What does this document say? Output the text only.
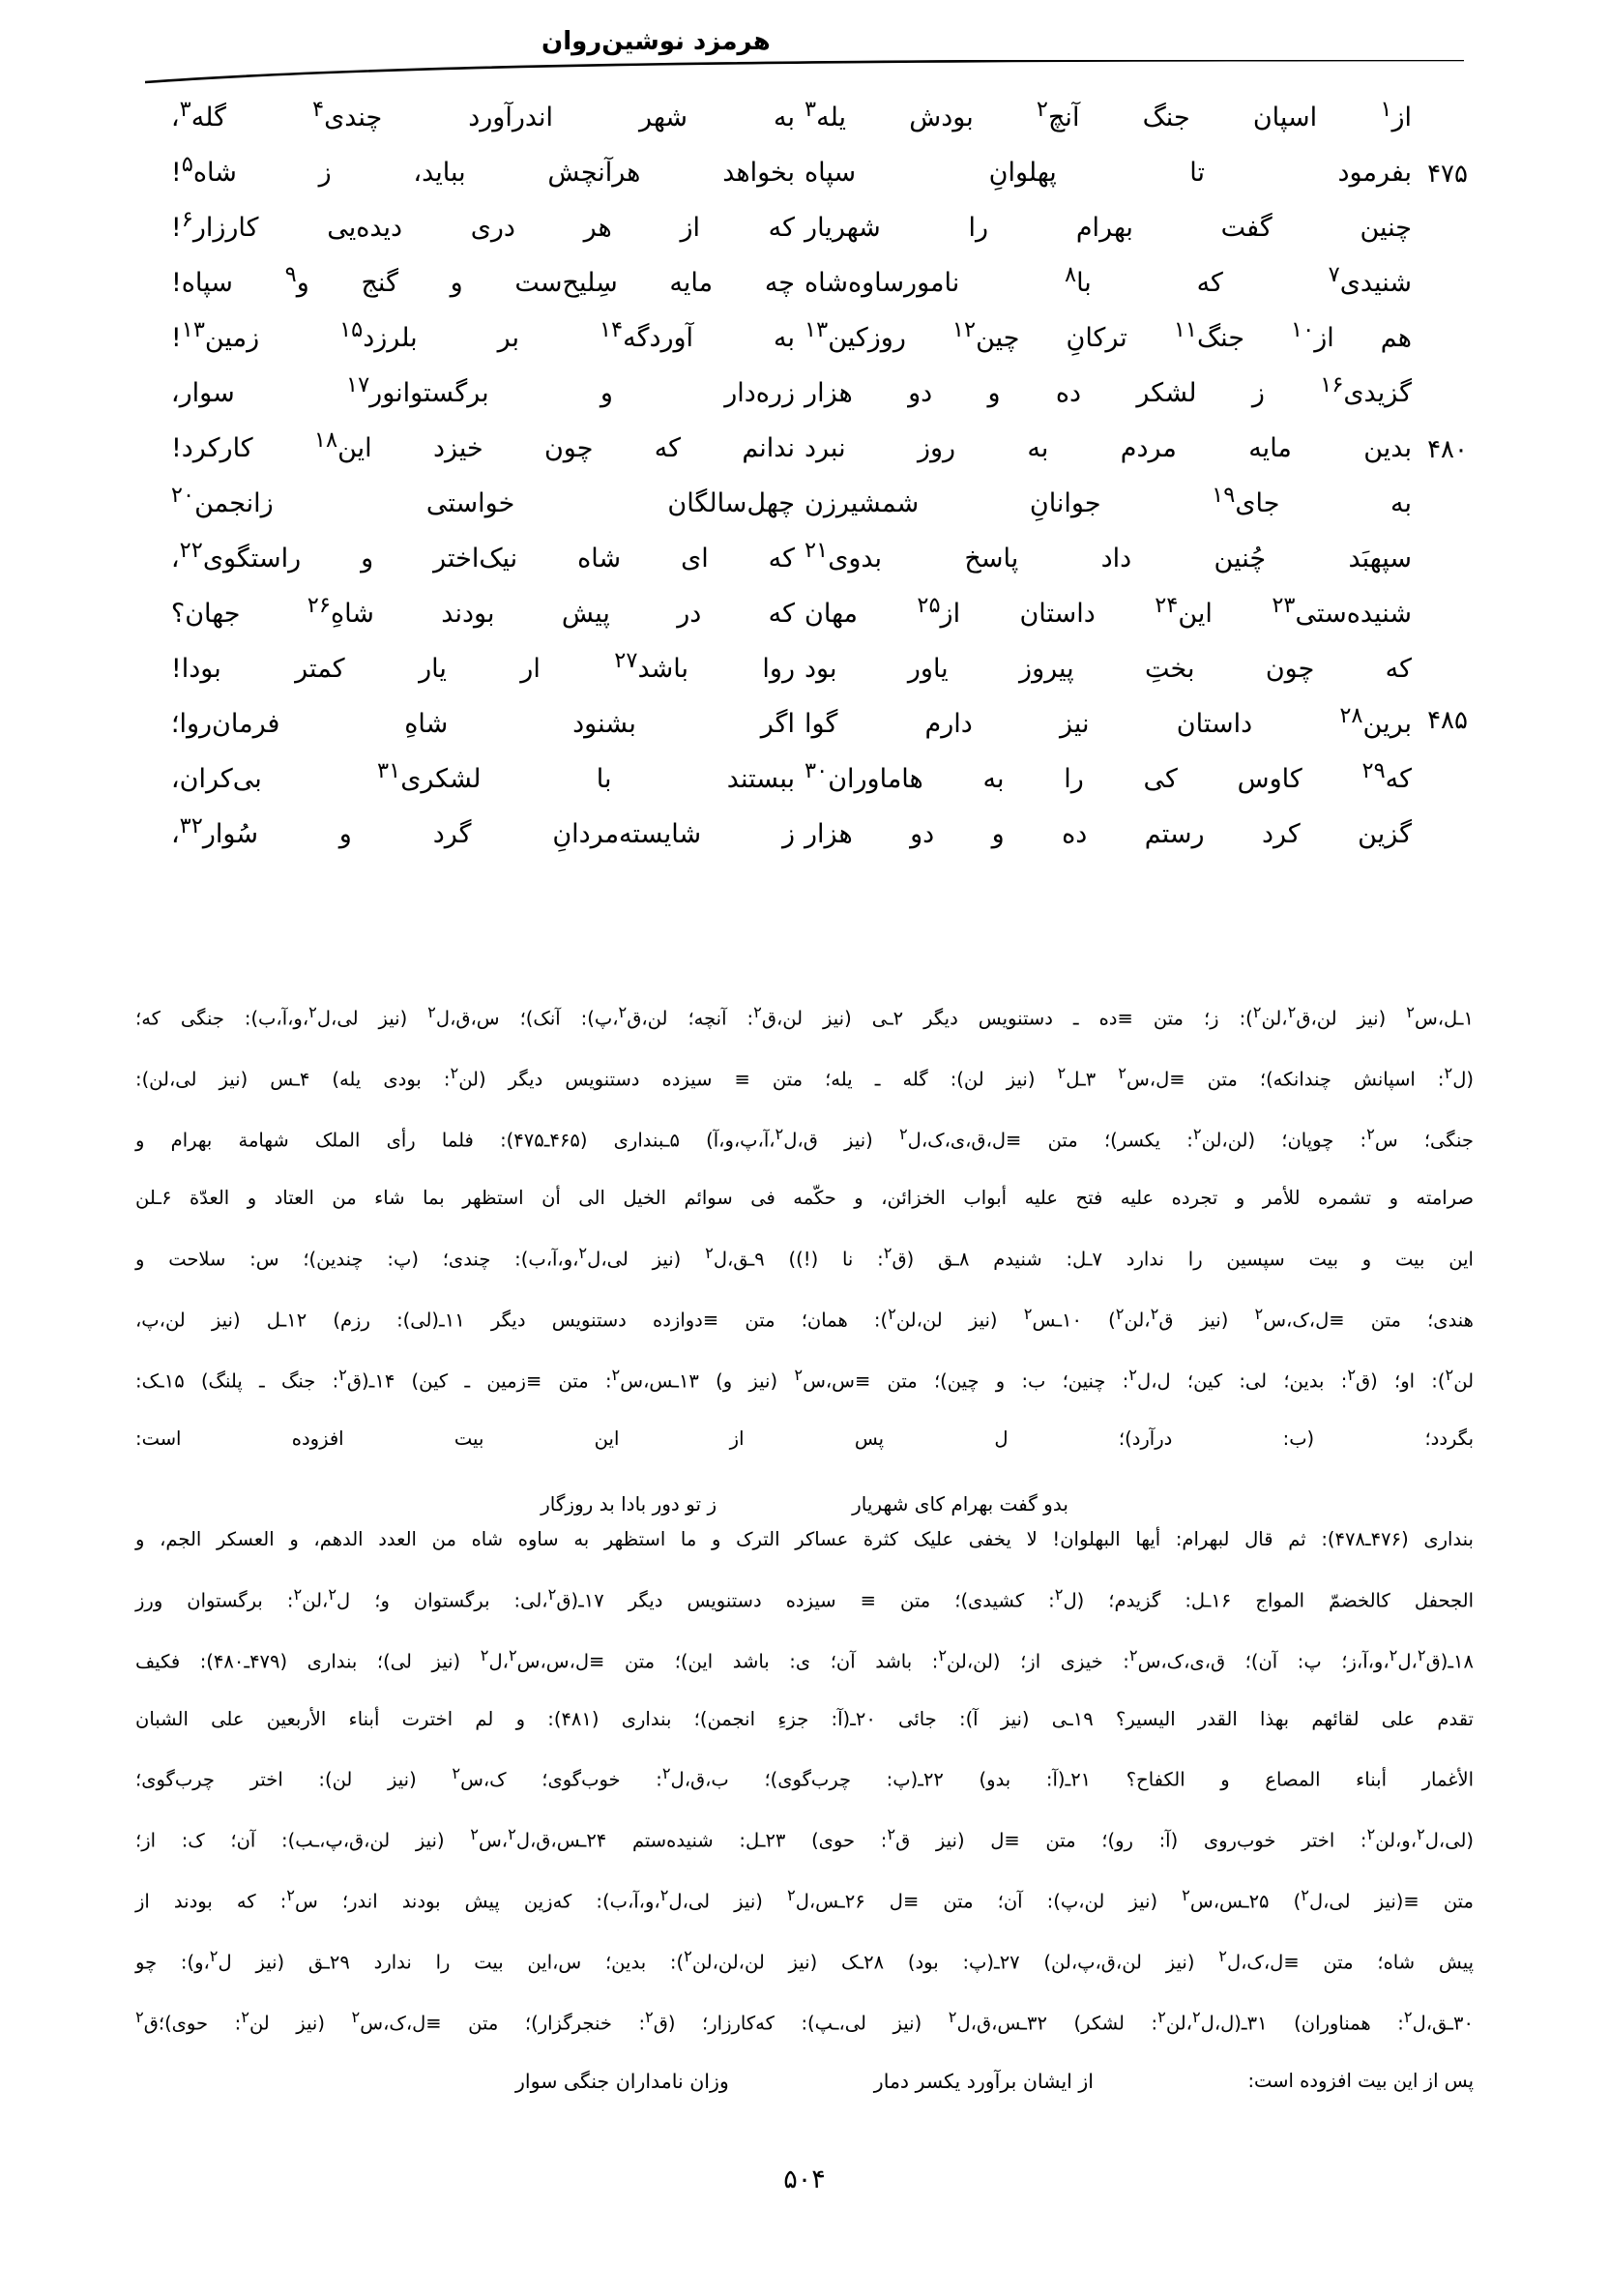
هرمزد نوشین‌روان
از$^۱$
اسپان
جنگ
آنچ$^۲$
بودش
یله$^۳$
به
شهر
اندرآورد
چندی$^۴$
گله$^۳$،
۴۷۵
بفرمود
تا
پهلوانِ
سپاه
بخواهد
هرآنچش
بباید،
ز
شاه$^۵$!
چنین
گفت
بهرام
را
شهریار
که
از
هر
دری
دیده‌یی
کارزار$^۶$!
شنیدی$^۷$
که
با$^۸$
نامورساوه‌شاه
چه
مایه
سِلیح‌ست
و
گنج
و$^۹$
سپاه!
هم
از$^{۱۰}$
جنگ$^{۱۱}$
ترکانِ
چین$^{۱۲}$
روزکین$^{۱۳}$
به
آوردگه$^{۱۴}$
بر
بلرزد$^{۱۵}$
زمین$^{۱۳}$!
گزیدی$^{۱۶}$
ز
لشکر
ده
و
دو
هزار
زره‌دار
و
برگستوانور$^{۱۷}$
سوار،
۴۸۰
بدین
مایه
مردم
به
روز
نبرد
ندانم
که
چون
خیزد
این$^{۱۸}$
کارکرد!
به
جای$^{۱۹}$
جوانانِ
شمشیرزن
چهل‌سالگان
خواستی
زانجمن$^{۲۰}$
سپهبَد
چُنین
داد
پاسخ
بدوی$^{۲۱}$
که
ای
شاه
نیک‌اختر
و
راستگوی$^{۲۲}$،
شنیده‌ستی$^{۲۳}$
این$^{۲۴}$
داستان
از$^{۲۵}$
مهان
که
در
پیش
بودند
شاهِ$^{۲۶}$
جهان؟
که
چون
بختِ
پیروز
یاور
بود
روا
باشد$^{۲۷}$
ار
یار
کمتر
بودا!
۴۸۵
برین$^{۲۸}$
داستان
نیز
دارم
گوا
اگر
بشنود
شاهِ
فرمان‌روا؛
که$^{۲۹}$
کاوس
کی
را
به
هاماوران$^{۳۰}$
ببستند
با
لشکری$^{۳۱}$
بی‌کران،
گزین
کرد
رستم
ده
و
دو
هزار
ز
شایسته‌مردانِ
گرد
و
سُوار$^{۳۲}$،

۱ـل،س$^۲$ (نیز لن،ق$^۲$،لن$^۲$): ز؛ متن ≡ده ـ دستنویس دیگر ۲ـی (نیز لن،ق$^۲$: آنچه؛ لن،ق$^۲$،پ): آنک)؛ س،ق،ل$^۲$ (نیز لی،ل$^۲$،و،آ،ب): جنگی که؛

(ل$^۲$: اسپانش چندانکه)؛ متن ≡ل،س$^۲$ ۳ـل$^۲$ (نیز لن): گله ـ یله؛ متن ≡ سیزده دستنویس دیگر (لن$^۲$: بودی یله) ۴ـس (نیز لی،لن):

جنگی؛ س$^۲$: چوپان؛ (لن،لن$^۲$: یکسر)؛ متن ≡ل،ق،ی،ک،ل$^۲$ (نیز ق،ل$^۲$،آ،پ،و،آ) ۵ـبنداری (۴۶۵ـ۴۷۵): فلما رأی الملک شهامة بهرام و

صرامته و تشمره للأمر و تجرده علیه فتح علیه أبواب الخزائن، و حکّمه فی سوائم الخیل الی أن استظهر بما شاء من العتاد و العدّة ۶ـلن

این بیت و بیت سپسین را ندارد ۷ـل: شنیدم ۸ـق (ق$^۲$: نا (!)) ۹ـق،ل$^۲$ (نیز لی،ل$^۲$،و،آ،ب): چندی؛ (پ: چندین)؛ س: سلاحت و

هندی؛ متن ≡ل،ک،س$^۲$ (نیز ق$^۲$،لن$^۲$) ۱۰ـس$^۲$ (نیز لن،لن$^۲$): همان؛ متن ≡دوازده دستنویس دیگر ۱۱ـ(لی): رزم) ۱۲ـل (نیز لن،پ،

لن$^۲$): او؛ (ق$^۲$: بدین؛ لی: کین؛ ل،ل$^۲$: چنین؛ ب: و چین)؛ متن ≡س،س$^۲$ (نیز و) ۱۳ـس،س$^۲$: متن ≡زمین ـ کین) ۱۴ـ(ق$^۲$: جنگ ـ پلنگ) ۱۵ـک:

بگردد؛ (ب: درآرد)؛ ل پس از این بیت افزوده است:

بدو گفت بهرام کای شهریار
ز تو دور بادا بد روزگار

بنداری (۴۷۶ـ۴۷۸): ثم قال لبهرام: أیها البهلوان! لا یخفی علیک کثرة عساکر الترک و ما استظهر به ساوه شاه من العدد الدهم، و العسکر الجم، و

الجحفل کالخضمّ المواج ۱۶ـل: گزیدم؛ (ل$^۲$: کشیدی)؛ متن ≡ سیزده دستنویس دیگر ۱۷ـ(ق$^۲$،لی: برگستوان و؛ ل$^۲$،لن$^۲$: برگستوان ورز

۱۸ـ(ق$^۲$،ل$^۲$،و،آ،ز؛ پ: آن)؛ ق،ی،ک،س$^۲$: خیزی از؛ (لن،لن$^۲$: باشد آن؛ ی: باشد این)؛ متن ≡ل،س،س$^۲$،ل$^۲$ (نیز لی)؛ بنداری (۴۷۹ـ۴۸۰): فکیف

تقدم علی لقائهم بهذا القدر الیسیر؟ ۱۹ـی (نیز آ): جائی ۲۰ـ(آ: جزءِ انجمن)؛ بنداری (۴۸۱): و لم اخترت أبناء الأربعین علی الشبان

الأغمار أبناء المصاع و الکفاح؟ ۲۱ـ(آ: بدو) ۲۲ـ(پ: چرب‌گوی)؛ ب،ق،ل$^۲$: خوب‌گوی؛ ک،س$^۲$ (نیز لن): اختر چرب‌گوی؛

(لی،ل$^۲$،و،لن$^۲$: اختر خوب‌روی (آ: رو)؛ متن ≡ل (نیز ق$^۲$: حوی) ۲۳ـل: شنیده‌ستم ۲۴ـس،ق،ل$^۲$،س$^۲$ (نیز لن،ق،پ،ـب): آن؛ ک: از؛

متن ≡(نیز لی،ل$^۲$) ۲۵ـس،س$^۲$ (نیز لن،پ): آن؛ متن ≡ل ۲۶ـس،ل$^۲$ (نیز لی،ل$^۲$،و،آ،ب): که‌زین پیش بودند اندر؛ س$^۲$: که بودند از

پیش شاه؛ متن ≡ل،ک،ل$^۲$ (نیز لن،ق،پ،لن) ۲۷ـ(پ: بود) ۲۸ـک (نیز لن،لن،لن$^۲$): بدین؛ س،این بیت را ندارد ۲۹ـق (نیز ل$^۲$،و): چو

۳۰ـق،ل$^۲$: همناوران) ۳۱ـ(ل،ل$^۲$،لن$^۲$: لشکر) ۳۲ـس،ق،ل$^۲$ (نیز لی،ـپ): که‌کارزار؛ (ق$^۲$: خنجرگزار)؛ متن ≡ل،ک،س$^۲$ (نیز لن$^۲$: حوی)؛ق$^۲$

پس از این بیت افزوده است:

از ایشان برآورد یکسر دمار
وزان نامداران جنگی سوار
۵۰۴
